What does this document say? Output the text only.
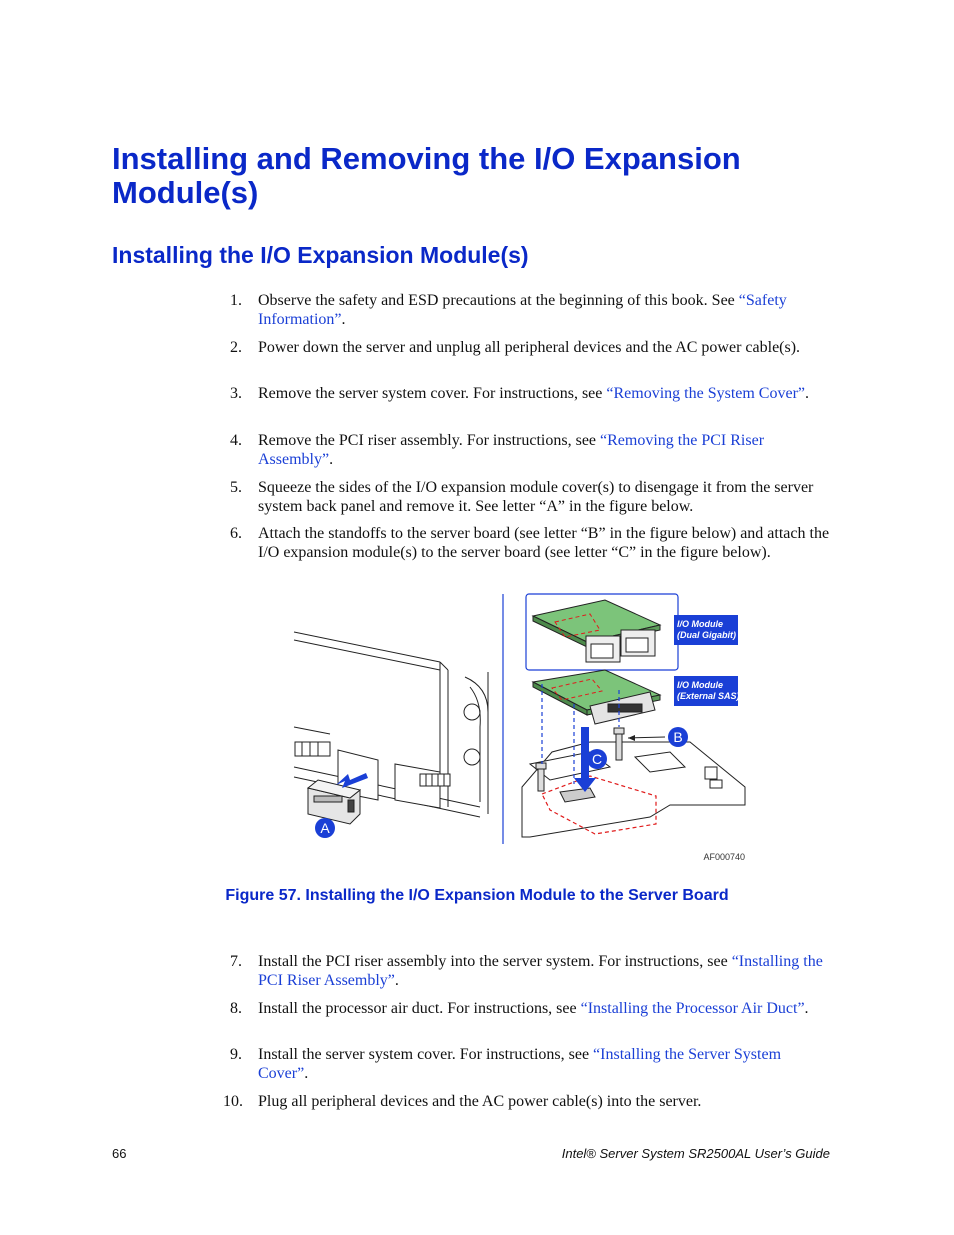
Installing and Removing the I/O Expansion Module(s)
Installing the I/O Expansion Module(s)
1.	Observe the safety and ESD precautions at the beginning of this book. See “Safety Information”.
2.	Power down the server and unplug all peripheral devices and the AC power cable(s).
3.	Remove the server system cover. For instructions, see “Removing the System Cover”.
4.	Remove the PCI riser assembly. For instructions, see “Removing the PCI Riser Assembly”.
5.	Squeeze the sides of the I/O expansion module cover(s) to disengage it from the server system back panel and remove it. See letter “A” in the figure below.
6.	Attach the standoffs to the server board (see letter “B” in the figure below) and attach the I/O expansion module(s) to the server board (see letter “C” in the figure below).
I/O Module
(Dual Gigabit)
I/O Module
(External SAS)
A
B
C
AF000740
Figure 57. Installing the I/O Expansion Module to the Server Board
7.	Install the PCI riser assembly into the server system. For instructions, see “Installing the PCI Riser Assembly”.
8.	Install the processor air duct. For instructions, see “Installing the Processor Air Duct”.
9.	Install the server system cover. For instructions, see “Installing the Server System Cover”.
10. Plug all peripheral devices and the AC power cable(s) into the server.
66	Intel® Server System SR2500AL User’s Guide
